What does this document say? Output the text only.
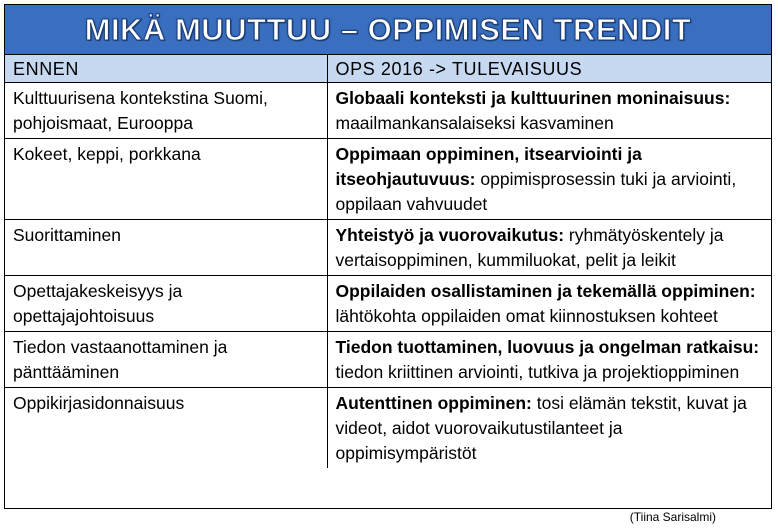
MIKÄ MUUTTUU – OPPIMISEN TRENDIT
ENNEN	OPS 2016 -> TULEVAISUUS
Kulttuurisena kontekstina Suomi, pohjoismaat, Eurooppa	Globaali konteksti ja kulttuurinen moninaisuus: maailmankansalaiseksi kasvaminen
Kokeet, keppi, porkkana	Oppimaan oppiminen, itsearviointi ja itseohjautuvuus: oppimisprosessin tuki ja arviointi, oppilaan vahvuudet
Suorittaminen	Yhteistyö ja vuorovaikutus: ryhmätyöskentely ja vertaisoppiminen, kummiluokat, pelit ja leikit
Opettajakeskeisyys ja opettajajohtoisuus	Oppilaiden osallistaminen ja tekemällä oppiminen: lähtökohta oppilaiden omat kiinnostuksen kohteet
Tiedon vastaanottaminen ja pänttääminen	Tiedon tuottaminen, luovuus ja ongelman ratkaisu: tiedon kriittinen arviointi, tutkiva ja projektioppiminen
Oppikirjasidonnaisuus	Autenttinen oppiminen: tosi elämän tekstit, kuvat ja videot, aidot vuorovaikutustilanteet ja oppimisympäristöt
(Tiina Sarisalmi)
